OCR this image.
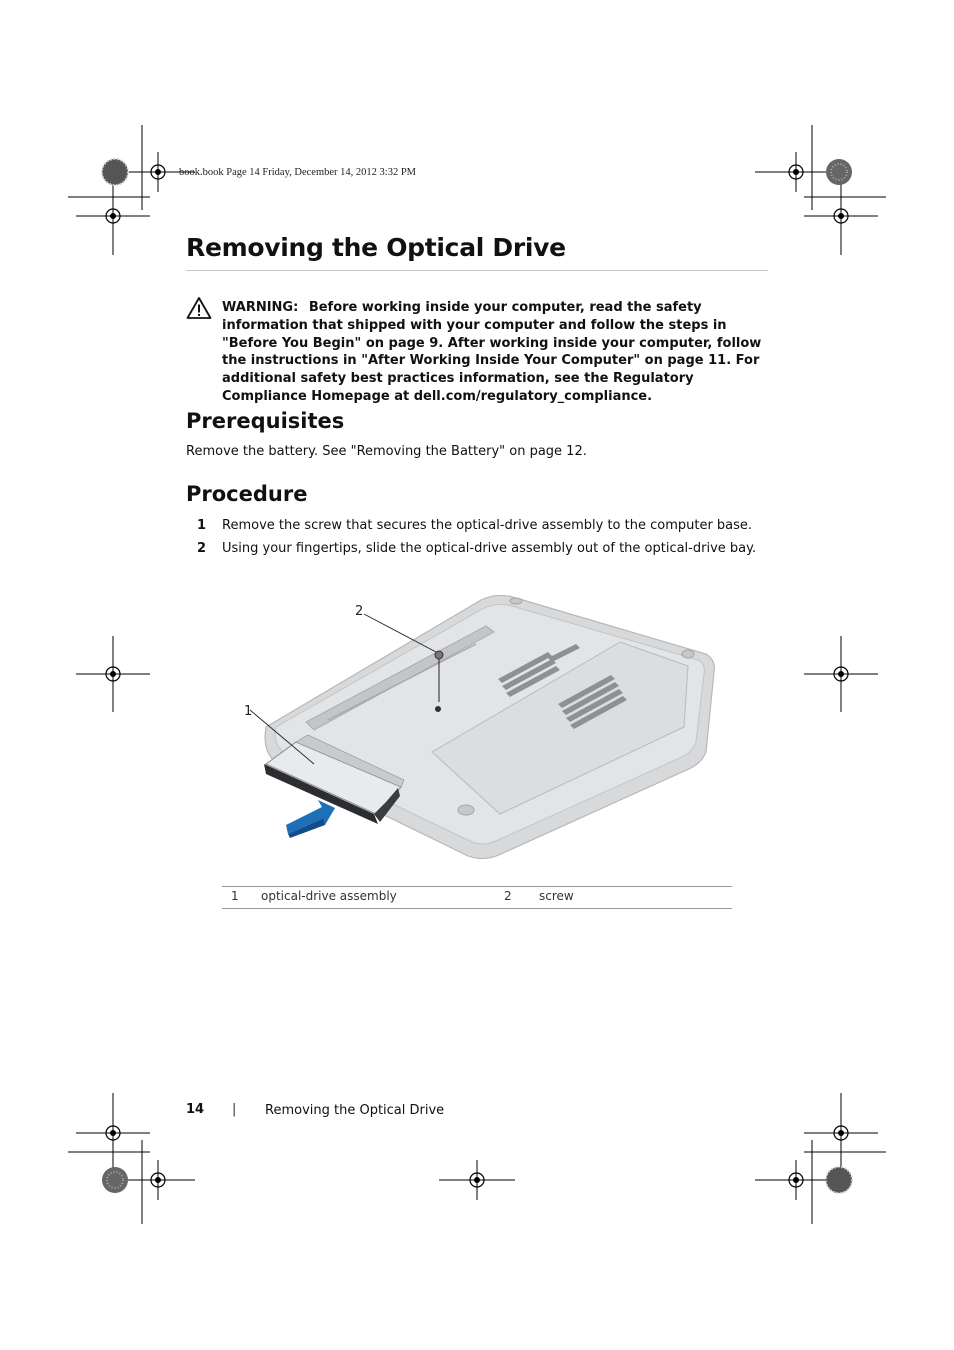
book.book Page 14 Friday, December 14, 2012 3:32 PM
Removing the Optical Drive
WARNING: Before working inside your computer, read the safety information that shipped with your computer and follow the steps in "Before You Begin" on page 9. After working inside your computer, follow the instructions in "After Working Inside Your Computer" on page 11. For additional safety best practices information, see the Regulatory Compliance Homepage at dell.com/regulatory_compliance.
Prerequisites
Remove the battery. See "Removing the Battery" on page 12.
Procedure
1 Remove the screw that secures the optical-drive assembly to the computer base.
2 Using your fingertips, slide the optical-drive assembly out of the optical-drive bay.
1
2
1 optical-drive assembly	2 screw
14 | Removing the Optical Drive
